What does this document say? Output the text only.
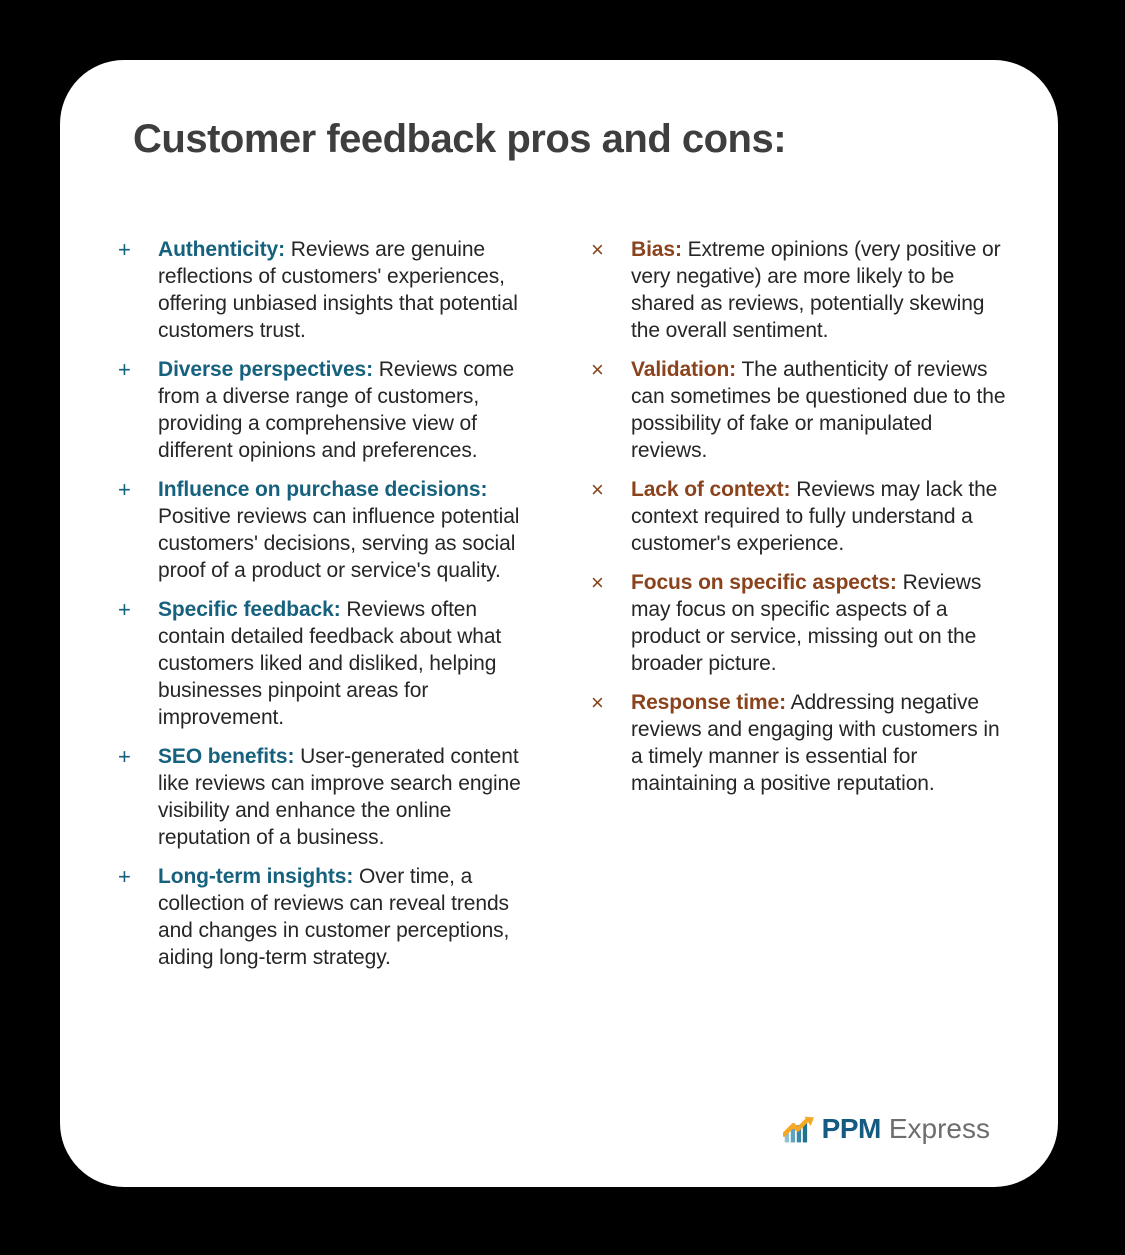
Customer feedback pros and cons:
+	Authenticity: Reviews are genuine reflections of customers' experiences, offering unbiased insights that potential customers trust.
+	Diverse perspectives: Reviews come from a diverse range of customers, providing a comprehensive view of different opinions and preferences.
+	Influence on purchase decisions: Positive reviews can influence potential customers' decisions, serving as social proof of a product or service's quality.
+	Specific feedback: Reviews often contain detailed feedback about what customers liked and disliked, helping businesses pinpoint areas for improvement.
+	SEO benefits: User-generated content like reviews can improve search engine visibility and enhance the online reputation of a business.
+	Long-term insights: Over time, a collection of reviews can reveal trends and changes in customer perceptions, aiding long-term strategy.
×	Bias: Extreme opinions (very positive or very negative) are more likely to be shared as reviews, potentially skewing the overall sentiment.
×	Validation: The authenticity of reviews can sometimes be questioned due to the possibility of fake or manipulated reviews.
×	Lack of context: Reviews may lack the context required to fully understand a customer's experience.
×	Focus on specific aspects: Reviews may focus on specific aspects of a product or service, missing out on the broader picture.
×	Response time: Addressing negative reviews and engaging with customers in a timely manner is essential for maintaining a positive reputation.
PPM Express
